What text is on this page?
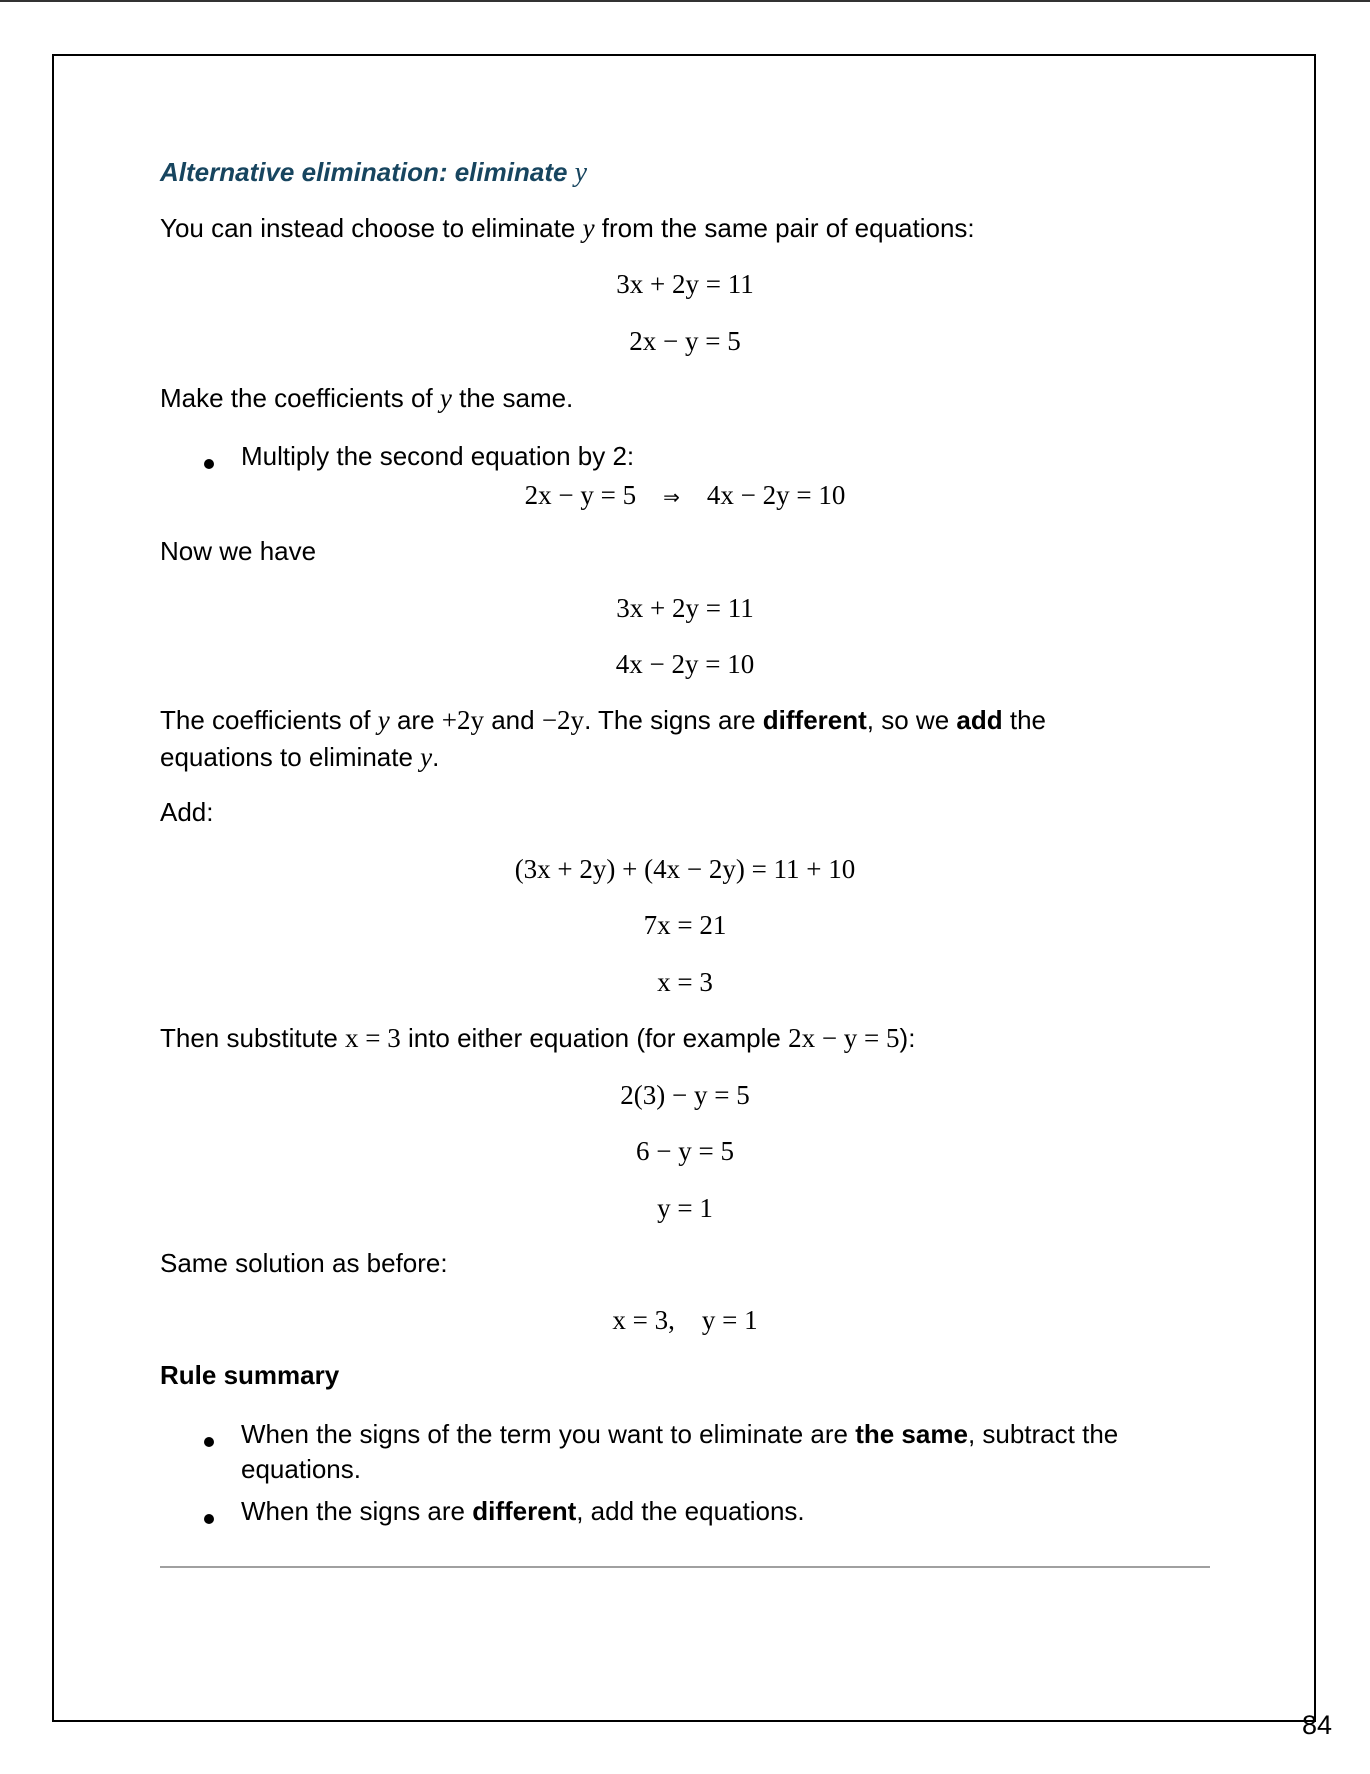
Alternative elimination: eliminate y
You can instead choose to eliminate y from the same pair of equations:
3x + 2y = 11
2x − y = 5
Make the coefficients of y the same.
Multiply the second equation by 2:
2x − y = 5 ⇒ 4x − 2y = 10
Now we have
3x + 2y = 11
4x − 2y = 10
The coefficients of y are +2y and −2y. The signs are different, so we add the
equations to eliminate y.
Add:
(3x + 2y) + (4x − 2y) = 11 + 10
7x = 21
x = 3
Then substitute x = 3 into either equation (for example 2x − y = 5):
2(3) − y = 5
6 − y = 5
y = 1
Same solution as before:
x = 3,    y = 1
Rule summary
When the signs of the term you want to eliminate are the same, subtract the
equations.
When the signs are different, add the equations.
84
